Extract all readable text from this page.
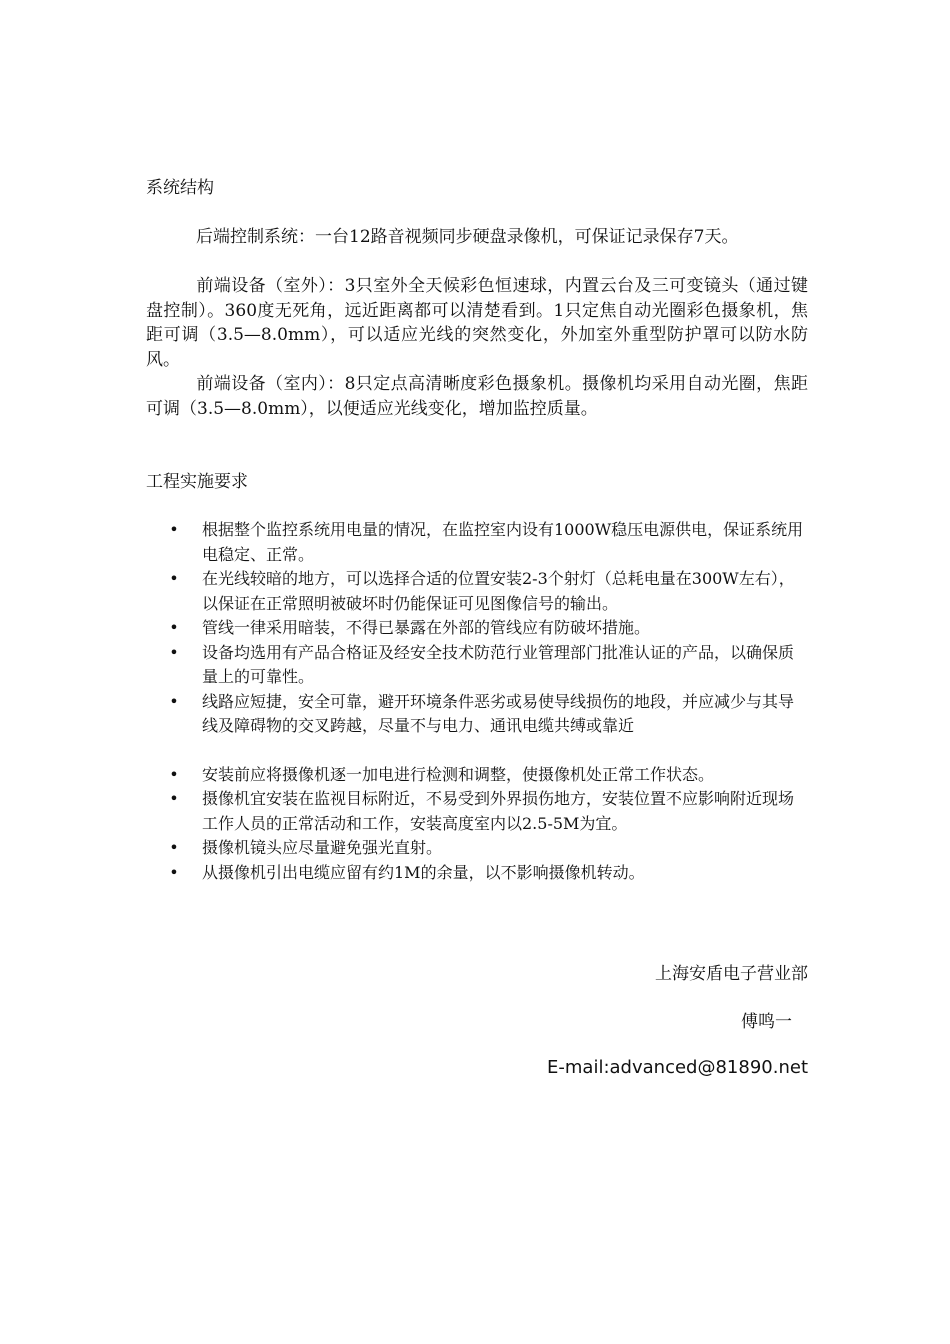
系统结构
后端控制系统：一台12路音视频同步硬盘录像机，可保证记录保存7天。
前端设备（室外）：3只室外全天候彩色恒速球，内置云台及三可变镜头（通过键盘控制）。360度无死角，远近距离都可以清楚看到。1只定焦自动光圈彩色摄象机，焦距可调（3.5—8.0mm），可以适应光线的突然变化，外加室外重型防护罩可以防水防风。
前端设备（室内）：8只定点高清晰度彩色摄象机。摄像机均采用自动光圈，焦距可调（3.5—8.0mm），以便适应光线变化，增加监控质量。
工程实施要求
• 根据整个监控系统用电量的情况，在监控室内设有1000W稳压电源供电，保证系统用电稳定、正常。
• 在光线较暗的地方，可以选择合适的位置安装2-3个射灯（总耗电量在300W左右），以保证在正常照明被破坏时仍能保证可见图像信号的输出。
• 管线一律采用暗装，不得已暴露在外部的管线应有防破坏措施。
• 设备均选用有产品合格证及经安全技术防范行业管理部门批准认证的产品，以确保质量上的可靠性。
• 线路应短捷，安全可靠，避开环境条件恶劣或易使导线损伤的地段，并应减少与其导线及障碍物的交叉跨越，尽量不与电力、通讯电缆共缚或靠近
• 安装前应将摄像机逐一加电进行检测和调整，使摄像机处正常工作状态。
• 摄像机宜安装在监视目标附近，不易受到外界损伤地方，安装位置不应影响附近现场工作人员的正常活动和工作，安装高度室内以2.5-5M为宜。
• 摄像机镜头应尽量避免强光直射。
• 从摄像机引出电缆应留有约1M的余量，以不影响摄像机转动。
上海安盾电子营业部
傅鸣一
E-mail:advanced@81890.net
